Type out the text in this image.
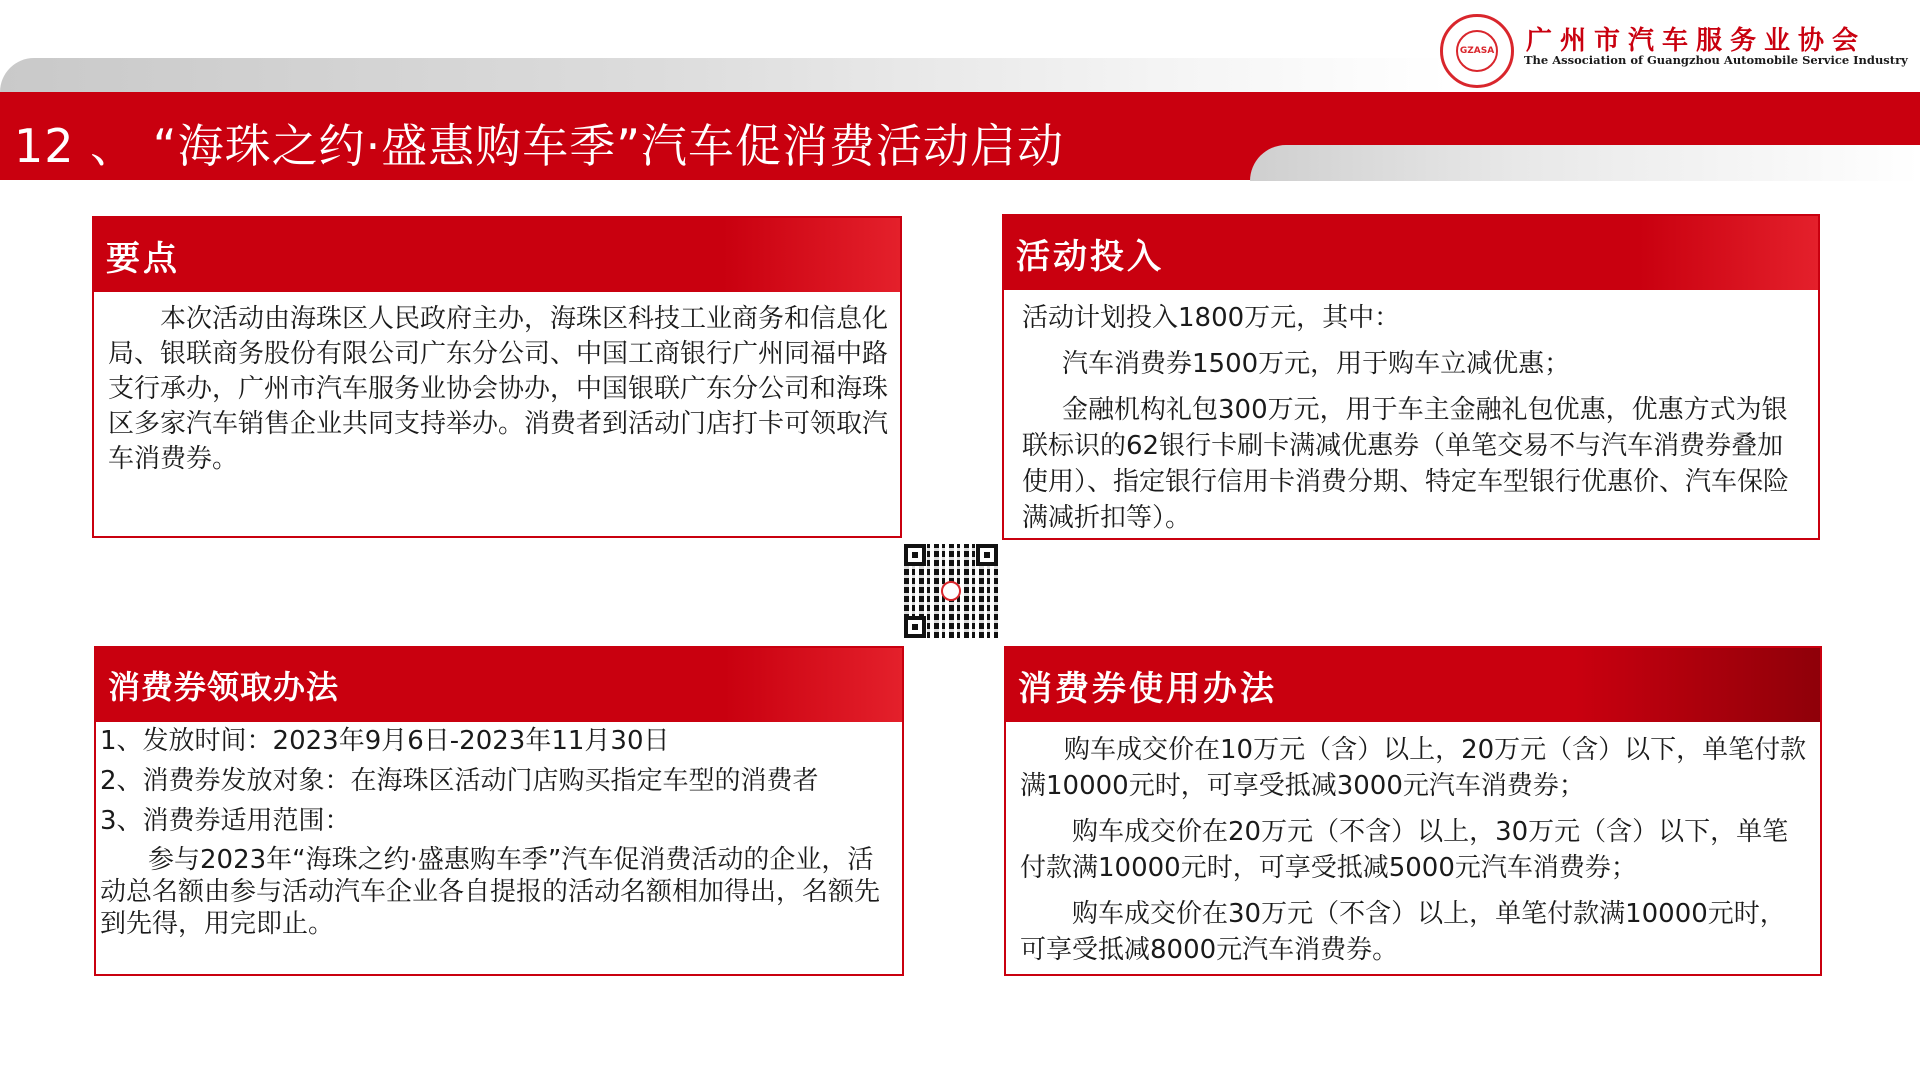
12 、 “海珠之约·盛惠购车季”汽车促消费活动启动
GZASA 广州市汽车服务业协会
The Association of Guangzhou Automobile Service Industry
要点

本次活动由海珠区人民政府主办，海珠区科技工业商务和信息化局、银联商务股份有限公司广东分公司、中国工商银行广州同福中路支行承办，广州市汽车服务业协会协办，中国银联广东分公司和海珠区多家汽车销售企业共同支持举办。消费者到活动门店打卡可领取汽车消费券。

活动投入

活动计划投入1800万元，其中：

汽车消费券1500万元，用于购车立减优惠；

金融机构礼包300万元，用于车主金融礼包优惠，优惠方式为银联标识的62银行卡刷卡满减优惠券（单笔交易不与汽车消费券叠加使用）、指定银行信用卡消费分期、特定车型银行优惠价、汽车保险满减折扣等）。

消费券领取办法

1、发放时间：2023年9月6日-2023年11月30日

2、消费券发放对象：在海珠区活动门店购买指定车型的消费者

3、消费券适用范围：

参与2023年“海珠之约·盛惠购车季”汽车促消费活动的企业，活动总名额由参与活动汽车企业各自提报的活动名额相加得出，名额先到先得，用完即止。

消费券使用办法

购车成交价在10万元（含）以上，20万元（含）以下，单笔付款满10000元时，可享受抵减3000元汽车消费券；

购车成交价在20万元（不含）以上，30万元（含）以下，单笔付款满10000元时，可享受抵减5000元汽车消费券；

购车成交价在30万元（不含）以上，单笔付款满10000元时，可享受抵减8000元汽车消费券。
